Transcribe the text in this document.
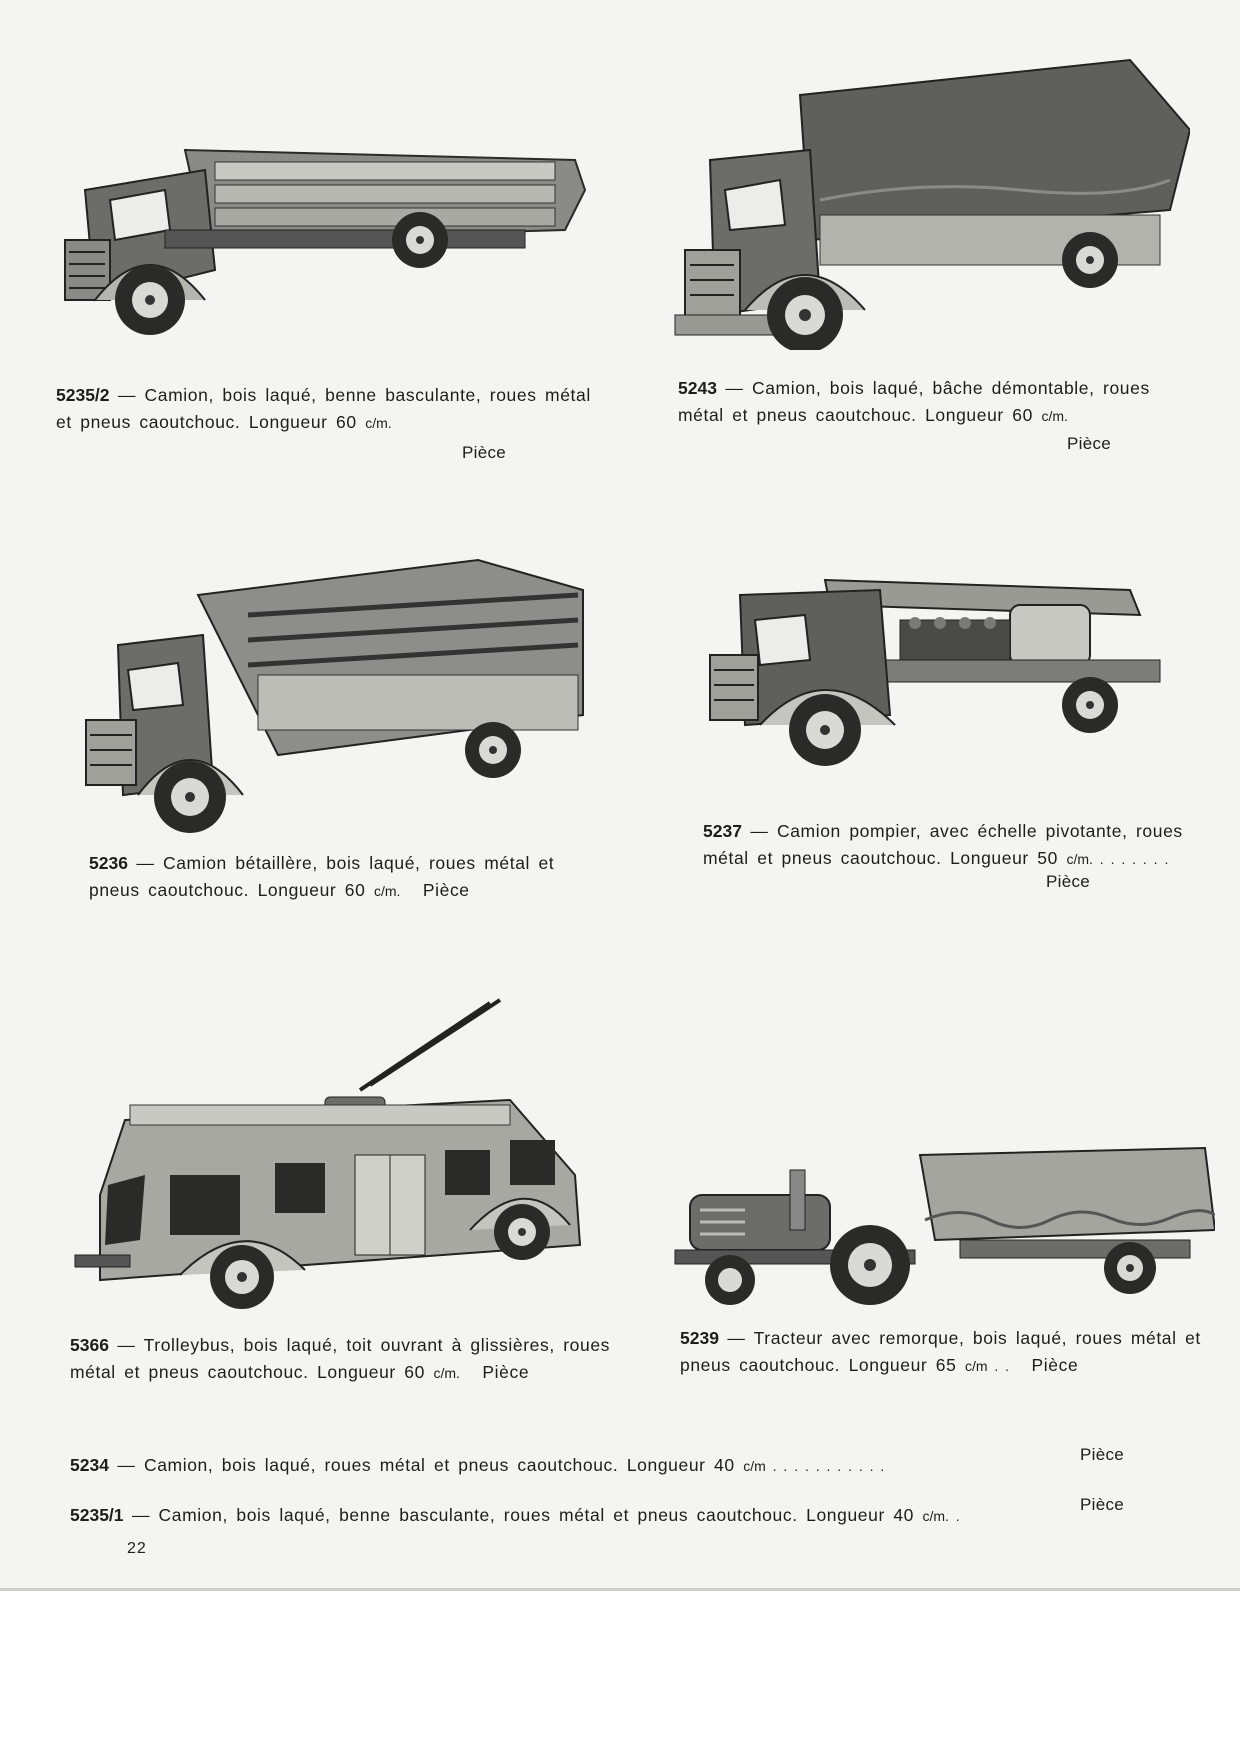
5235/2 — Camion, bois laqué, benne basculante, roues métal et pneus caoutchouc. Longueur 60 c/m.
Pièce
5243 — Camion, bois laqué, bâche démontable, roues métal et pneus caoutchouc. Longueur 60 c/m.
Pièce
5236 — Camion bétaillère, bois laqué, roues métal et pneus caoutchouc. Longueur 60 c/m. Pièce
5237 — Camion pompier, avec échelle pivotante, roues métal et pneus caoutchouc. Longueur 50 c/m. . . . . . . .
Pièce
5366 — Trolleybus, bois laqué, toit ouvrant à glissières, roues métal et pneus caoutchouc. Longueur 60 c/m. Pièce
5239 — Tracteur avec remorque, bois laqué, roues métal et pneus caoutchouc. Longueur 65 c/m . . Pièce
5234 — Camion, bois laqué, roues métal et pneus caoutchouc. Longueur 40 c/m . . . . . . . . . . .
Pièce
5235/1 — Camion, bois laqué, benne basculante, roues métal et pneus caoutchouc. Longueur 40 c/m. .
Pièce
22
